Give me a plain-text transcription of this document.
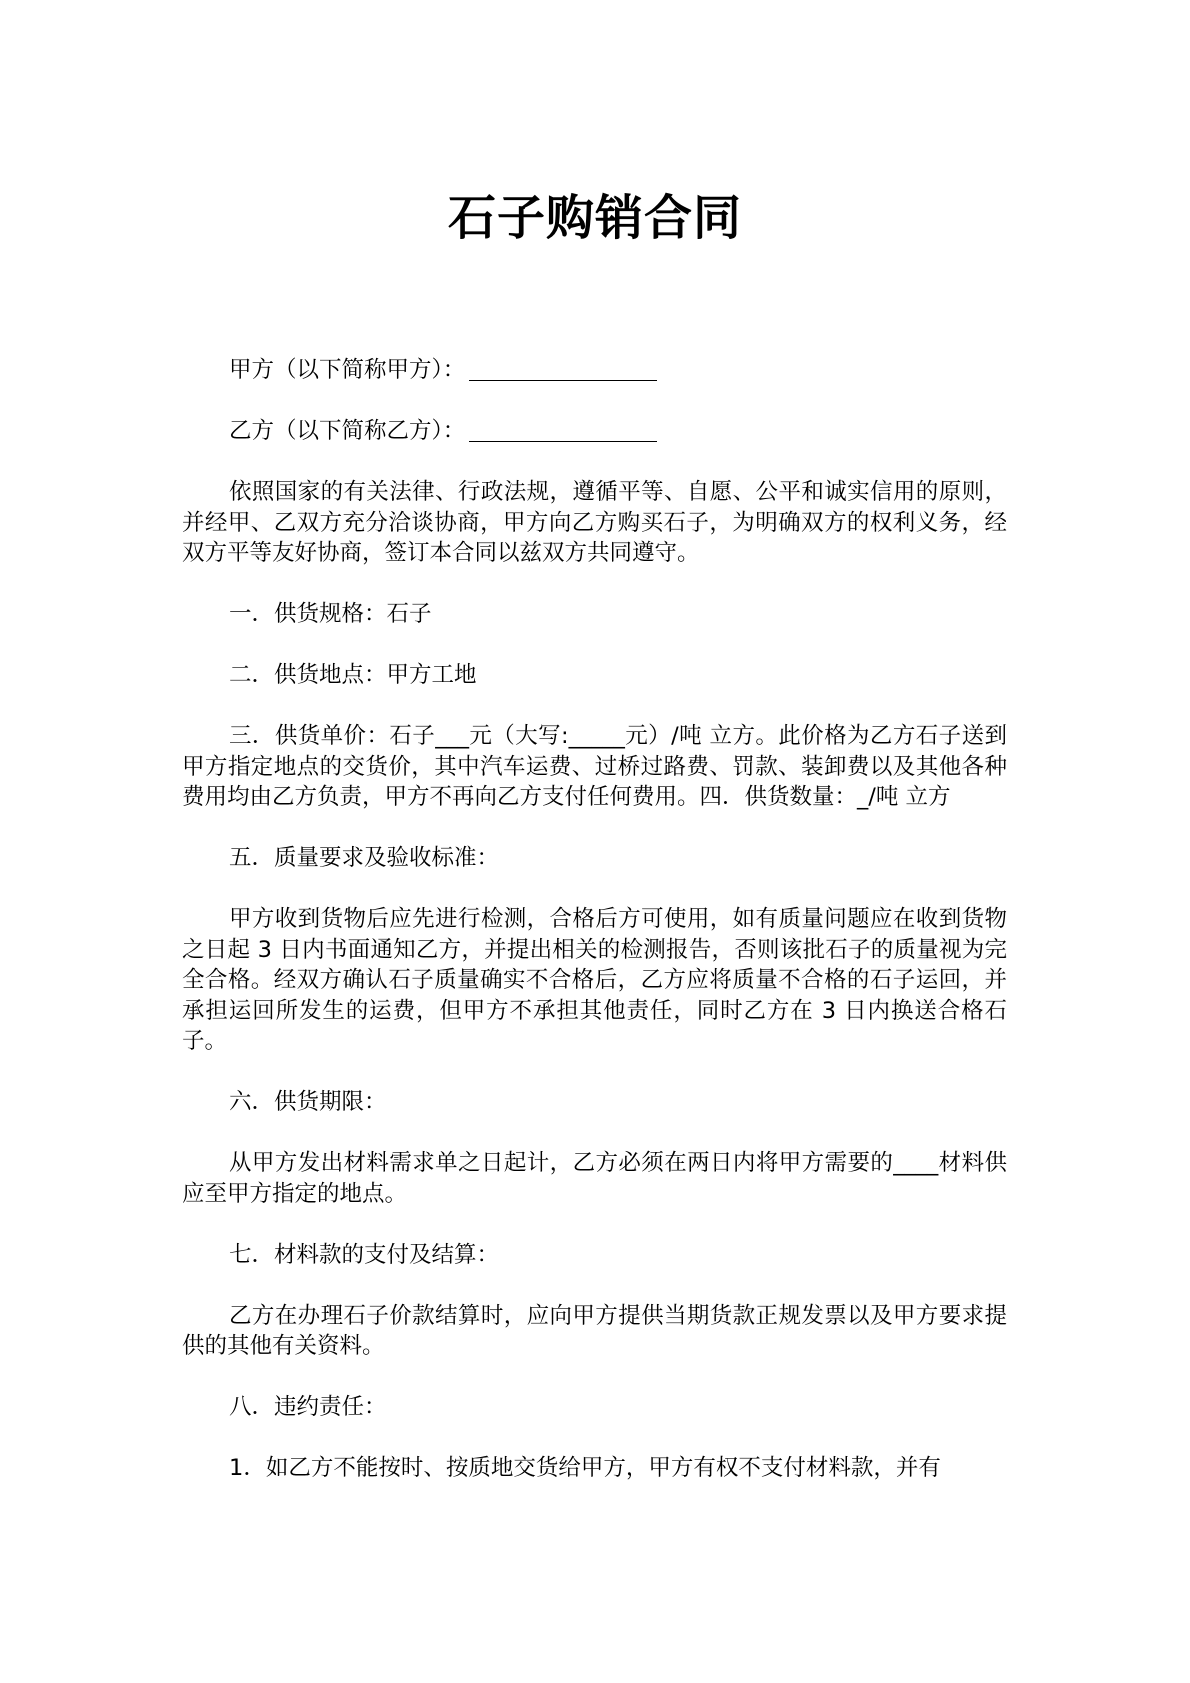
石子购销合同

甲方（以下简称甲方）：

乙方（以下简称乙方）：

依照国家的有关法律、行政法规，遵循平等、自愿、公平和诚实信用的原则，并经甲、乙双方充分洽谈协商，甲方向乙方购买石子，为明确双方的权利义务，经双方平等友好协商，签订本合同以兹双方共同遵守。

一．供货规格：石子

二．供货地点：甲方工地

三．供货单价：石子___元（大写:_____元）/吨 立方。此价格为乙方石子送到甲方指定地点的交货价，其中汽车运费、过桥过路费、罚款、装卸费以及其他各种费用均由乙方负责，甲方不再向乙方支付任何费用。四．供货数量：_/吨 立方

五．质量要求及验收标准：

甲方收到货物后应先进行检测，合格后方可使用，如有质量问题应在收到货物之日起 3 日内书面通知乙方，并提出相关的检测报告，否则该批石子的质量视为完全合格。经双方确认石子质量确实不合格后，乙方应将质量不合格的石子运回，并承担运回所发生的运费，但甲方不承担其他责任，同时乙方在 3 日内换送合格石子。

六．供货期限：

从甲方发出材料需求单之日起计，乙方必须在两日内将甲方需要的____材料供应至甲方指定的地点。

七．材料款的支付及结算：

乙方在办理石子价款结算时，应向甲方提供当期货款正规发票以及甲方要求提供的其他有关资料。

八．违约责任：

1．如乙方不能按时、按质地交货给甲方，甲方有权不支付材料款，并有
